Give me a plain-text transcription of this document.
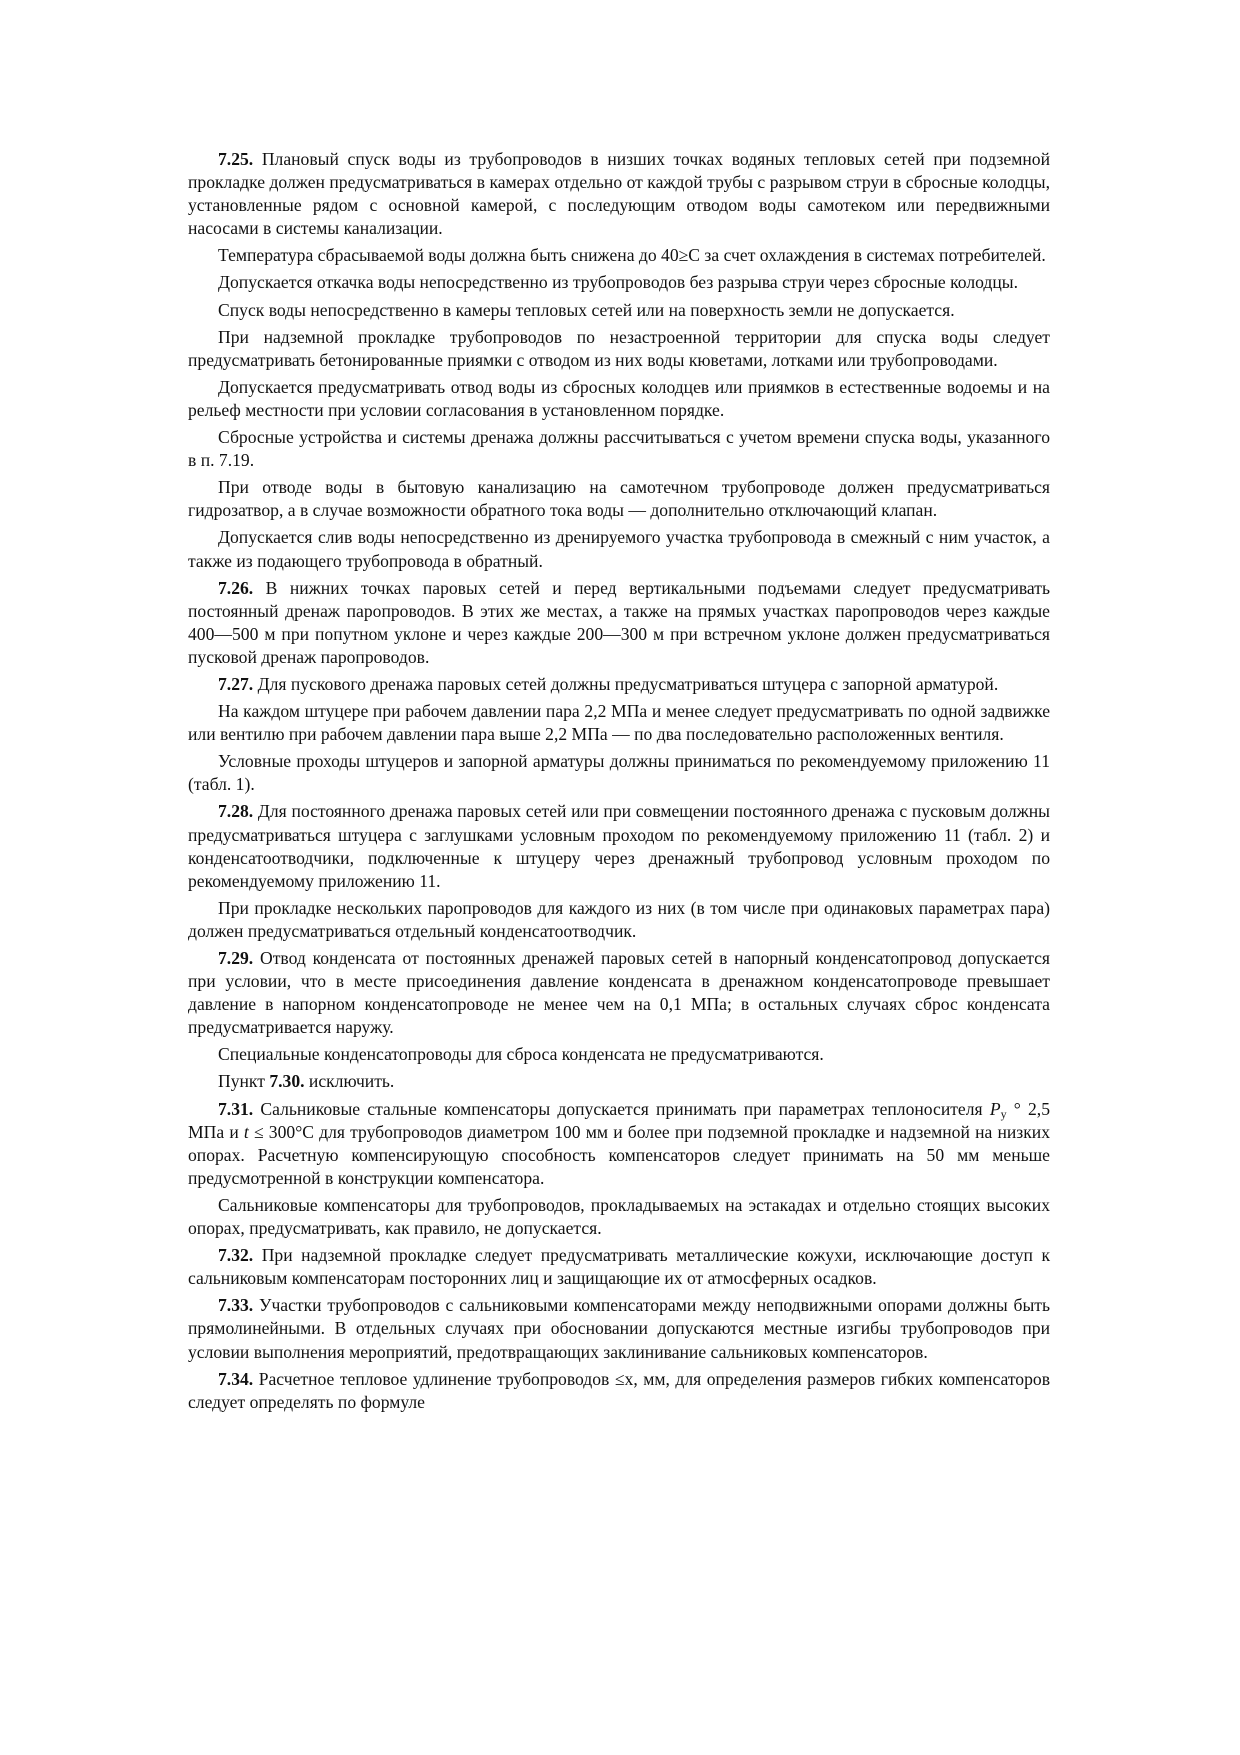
7.25. Плановый спуск воды из трубопроводов в низших точках водяных тепловых сетей при подземной прокладке должен предусматриваться в камерах отдельно от каждой трубы с разрывом струи в сбросные колодцы, установленные рядом с основной камерой, с последующим отводом воды самотеком или передвижными насосами в системы канализации.

Температура сбрасываемой воды должна быть снижена до 40≥С за счет охлаждения в системах потребителей.

Допускается откачка воды непосредственно из трубопроводов без разрыва струи через сбросные колодцы.

Спуск воды непосредственно в камеры тепловых сетей или на поверхность земли не допускается.

При надземной прокладке трубопроводов по незастроенной территории для спуска воды следует предусматривать бетонированные приямки с отводом из них воды кюветами, лотками или трубопроводами.

Допускается предусматривать отвод воды из сбросных колодцев или приямков в естественные водоемы и на рельеф местности при условии согласования в установленном порядке.

Сбросные устройства и системы дренажа должны рассчитываться с учетом времени спуска воды, указанного в п. 7.19.

При отводе воды в бытовую канализацию на самотечном трубопроводе должен предусматриваться гидрозатвор, а в случае возможности обратного тока воды — дополнительно отключающий клапан.

Допускается слив воды непосредственно из дренируемого участка трубопровода в смежный с ним участок, а также из подающего трубопровода в обратный.

7.26. В нижних точках паровых сетей и перед вертикальными подъемами следует предусматривать постоянный дренаж паропроводов. В этих же местах, а также на прямых участках паропроводов через каждые 400—500 м при попутном уклоне и через каждые 200—300 м при встречном уклоне должен предусматриваться пусковой дренаж паропроводов.

7.27. Для пускового дренажа паровых сетей должны предусматриваться штуцера с запорной арматурой.

На каждом штуцере при рабочем давлении пара 2,2 МПа и менее следует предусматривать по одной задвижке или вентилю при рабочем давлении пара выше 2,2 МПа — по два последовательно расположенных вентиля.

Условные проходы штуцеров и запорной арматуры должны приниматься по рекомендуемому приложению 11 (табл. 1).

7.28. Для постоянного дренажа паровых сетей или при совмещении постоянного дренажа с пусковым должны предусматриваться штуцера с заглушками условным проходом по рекомендуемому приложению 11 (табл. 2) и конденсатоотводчики, подключенные к штуцеру через дренажный трубопровод условным проходом по рекомендуемому приложению 11.

При прокладке нескольких паропроводов для каждого из них (в том числе при одинаковых параметрах пара) должен предусматриваться отдельный конденсатоотводчик.

7.29. Отвод конденсата от постоянных дренажей паровых сетей в напорный конденсатопровод допускается при условии, что в месте присоединения давление конденсата в дренажном конденсатопроводе превышает давление в напорном конденсатопроводе не менее чем на 0,1 МПа; в остальных случаях сброс конденсата предусматривается наружу.

Специальные конденсатопроводы для сброса конденсата не предусматриваются.

Пункт 7.30. исключить.

7.31. Сальниковые стальные компенсаторы допускается принимать при параметрах теплоносителя $P_y$ ° 2,5 МПа и t ≤ 300°С для трубопроводов диаметром 100 мм и более при подземной прокладке и надземной на низких опорах. Расчетную компенсирующую способность компенсаторов следует принимать на 50 мм меньше предусмотренной в конструкции компенсатора.

Сальниковые компенсаторы для трубопроводов, прокладываемых на эстакадах и отдельно стоящих высоких опорах, предусматривать, как правило, не допускается.

7.32. При надземной прокладке следует предусматривать металлические кожухи, исключающие доступ к сальниковым компенсаторам посторонних лиц и защищающие их от атмосферных осадков.

7.33. Участки трубопроводов с сальниковыми компенсаторами между неподвижными опорами должны быть прямолинейными. В отдельных случаях при обосновании допускаются местные изгибы трубопроводов при условии выполнения мероприятий, предотвращающих заклинивание сальниковых компенсаторов.

7.34. Расчетное тепловое удлинение трубопроводов ≤х, мм, для определения размеров гибких компенсаторов следует определять по формуле
